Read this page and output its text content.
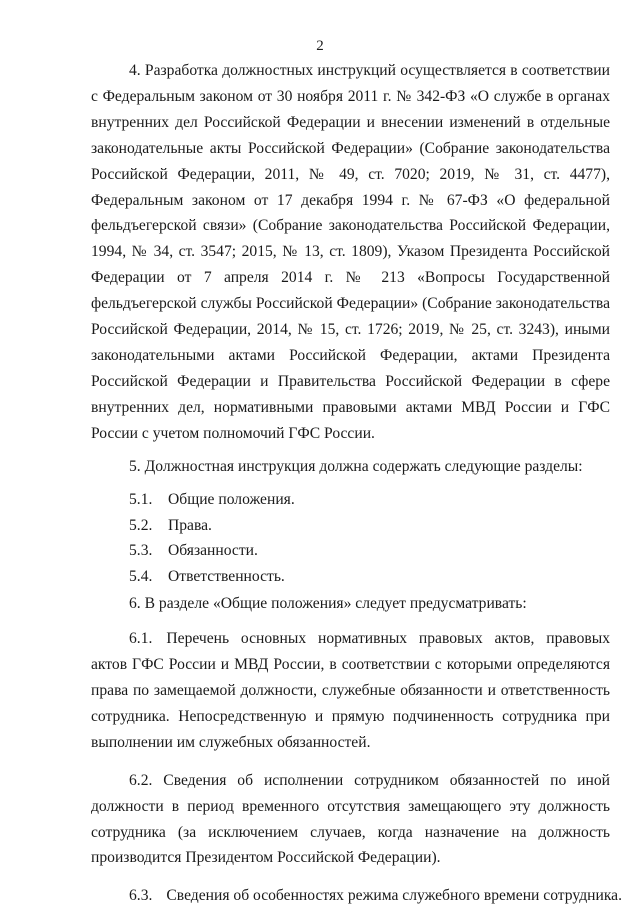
2

4. Разработка должностных инструкций осуществляется в соответствии с Федеральным законом от 30 ноября 2011 г. № 342-ФЗ «О службе в органах внутренних дел Российской Федерации и внесении изменений в отдельные законодательные акты Российской Федерации» (Собрание законодательства Российской Федерации, 2011, № 49, ст. 7020; 2019, № 31, ст. 4477), Федеральным законом от 17 декабря 1994 г. № 67-ФЗ «О федеральной фельдъегерской связи» (Собрание законодательства Российской Федерации, 1994, № 34, ст. 3547; 2015, № 13, ст. 1809), Указом Президента Российской Федерации от 7 апреля 2014 г. № 213 «Вопросы Государственной фельдъегерской службы Российской Федерации» (Собрание законодательства Российской Федерации, 2014, № 15, ст. 1726; 2019, № 25, ст. 3243), иными законодательными актами Российской Федерации, актами Президента Российской Федерации и Правительства Российской Федерации в сфере внутренних дел, нормативными правовыми актами МВД России и ГФС России с учетом полномочий ГФС России.

5. Должностная инструкция должна содержать следующие разделы:

5.1. Общие положения.

5.2. Права.

5.3. Обязанности.

5.4. Ответственность.

6. В разделе «Общие положения» следует предусматривать:

6.1. Перечень основных нормативных правовых актов, правовых актов ГФС России и МВД России, в соответствии с которыми определяются права по замещаемой должности, служебные обязанности и ответственность сотрудника. Непосредственную и прямую подчиненность сотрудника при выполнении им служебных обязанностей.

6.2. Сведения об исполнении сотрудником обязанностей по иной должности в период временного отсутствия замещающего эту должность сотрудника (за исключением случаев, когда назначение на должность производится Президентом Российской Федерации).

6.3. Сведения об особенностях режима служебного времени сотрудника.
